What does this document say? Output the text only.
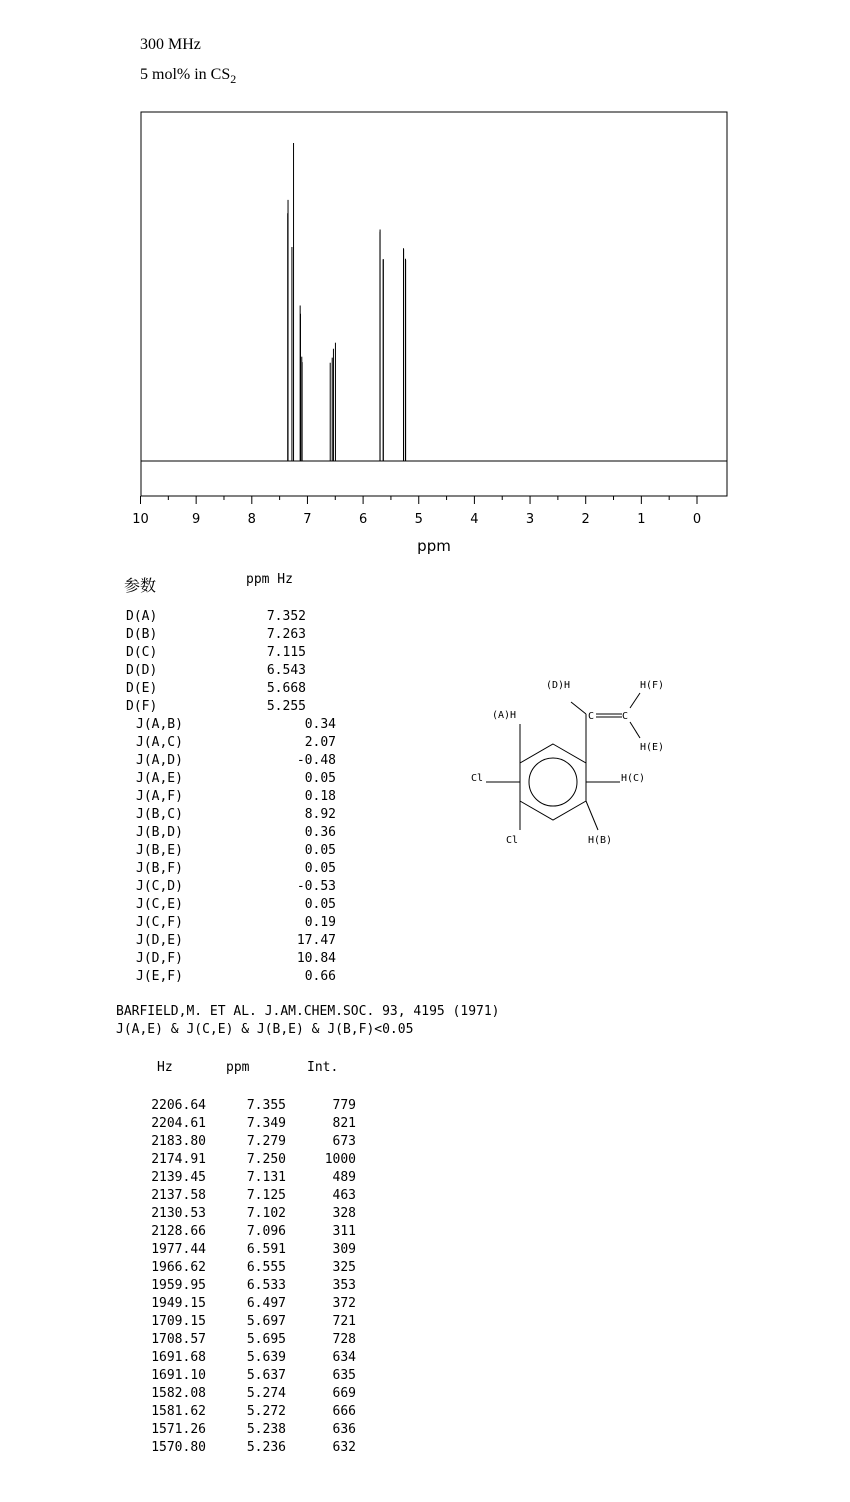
300 MHz
5 mol% in $CS_2$
10	9	8	7	6	5	4	3	2	1	0
ppm
参数	ppm Hz
D(A)	7.352
D(B)	7.263
D(C)	7.115
D(D)	6.543
D(E)	5.668
D(F)	5.255
J(A,B)	0.34
J(A,C)	2.07
J(A,D)	-0.48
J(A,E)	0.05
J(A,F)	0.18
J(B,C)	8.92
J(B,D)	0.36
J(B,E)	0.05
J(B,F)	0.05
J(C,D)	-0.53
J(C,E)	0.05
J(C,F)	0.19
J(D,E)	17.47
J(D,F)	10.84
J(E,F)	0.66
BARFIELD,M. ET AL. J.AM.CHEM.SOC. 93, 4195 (1971)
J(A,E) & J(C,E) & J(B,E) & J(B,F)<0.05
Hz	ppm	Int.
2206.64	7.355	779
2204.61	7.349	821
2183.80	7.279	673
2174.91	7.250	1000
2139.45	7.131	489
2137.58	7.125	463
2130.53	7.102	328
2128.66	7.096	311
1977.44	6.591	309
1966.62	6.555	325
1959.95	6.533	353
1949.15	6.497	372
1709.15	5.697	721
1708.57	5.695	728
1691.68	5.639	634
1691.10	5.637	635
1582.08	5.274	669
1581.62	5.272	666
1571.26	5.238	636
1570.80	5.236	632
(D)H	H(F)
(A)H	C	C
H(E)
Cl	H(C)
Cl	H(B)
